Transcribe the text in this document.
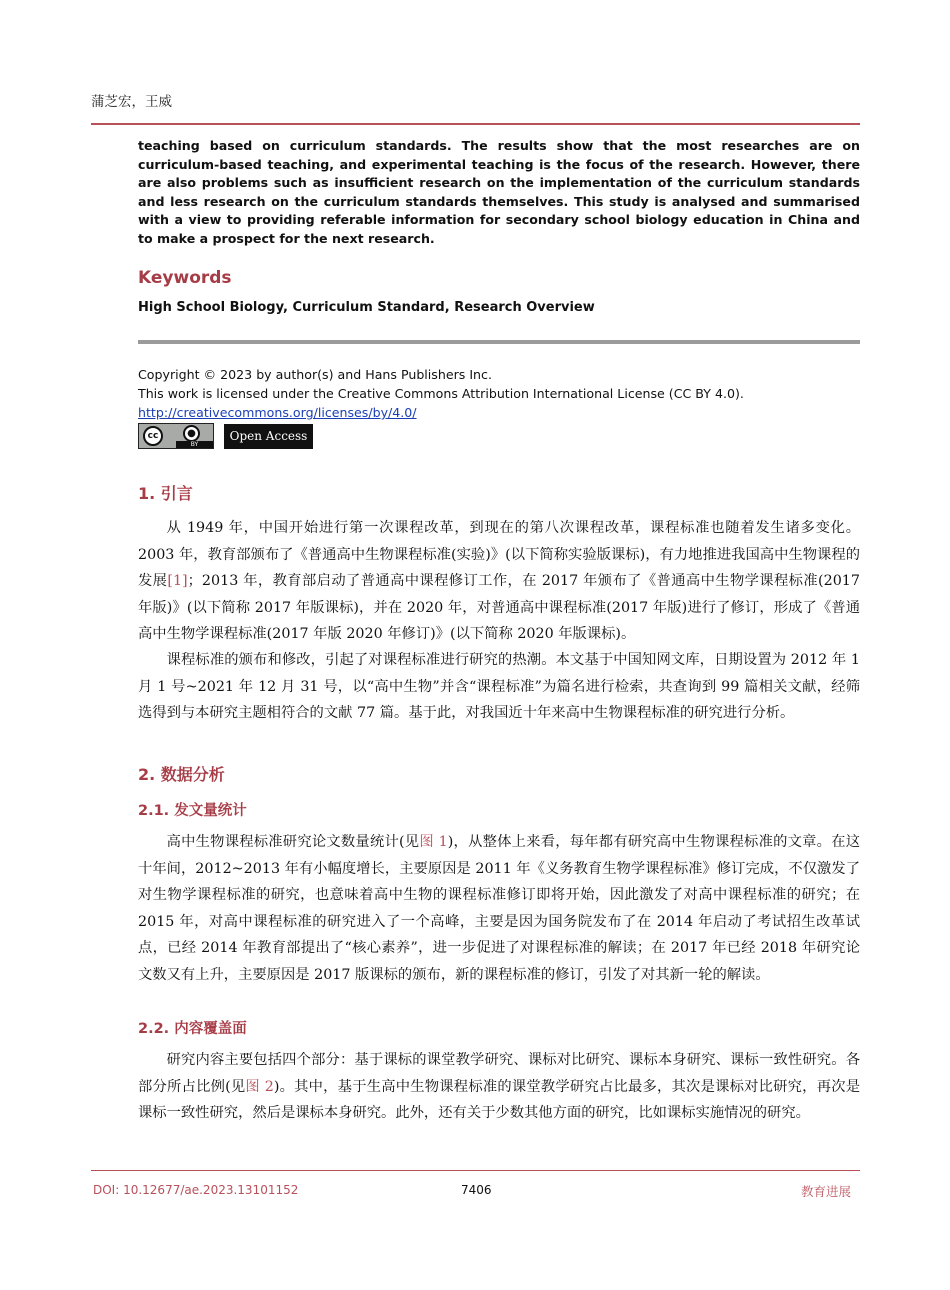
蒲芝宏，王威
teaching based on curriculum standards. The results show that the most researches are on curriculum-based teaching, and experimental teaching is the focus of the research. However, there are also problems such as insufficient research on the implementation of the curriculum standards and less research on the curriculum standards themselves. This study is analysed and summarised with a view to providing referable information for secondary school biology education in China and to make a prospect for the next research.
Keywords
High School Biology, Curriculum Standard, Research Overview
Copyright © 2023 by author(s) and Hans Publishers Inc.
This work is licensed under the Creative Commons Attribution International License (CC BY 4.0).
http://creativecommons.org/licenses/by/4.0/
cc	●
BY
Open Access
1. 引言
从 1949 年，中国开始进行第一次课程改革，到现在的第八次课程改革，课程标准也随着发生诸多变化。2003 年，教育部颁布了《普通高中生物课程标准(实验)》(以下简称实验版课标)，有力地推进我国高中生物课程的发展[1]；2013 年，教育部启动了普通高中课程修订工作，在 2017 年颁布了《普通高中生物学课程标准(2017 年版)》(以下简称 2017 年版课标)，并在 2020 年，对普通高中课程标准(2017 年版)进行了修订，形成了《普通高中生物学课程标准(2017 年版 2020 年修订)》(以下简称 2020 年版课标)。
课程标准的颁布和修改，引起了对课程标准进行研究的热潮。本文基于中国知网文库，日期设置为 2012 年 1 月 1 号~2021 年 12 月 31 号，以“高中生物”并含“课程标准”为篇名进行检索，共查询到 99 篇相关文献，经筛选得到与本研究主题相符合的文献 77 篇。基于此，对我国近十年来高中生物课程标准的研究进行分析。
2. 数据分析
2.1. 发文量统计
高中生物课程标准研究论文数量统计(见图 1)，从整体上来看，每年都有研究高中生物课程标准的文章。在这十年间，2012~2013 年有小幅度增长，主要原因是 2011 年《义务教育生物学课程标准》修订完成，不仅激发了对生物学课程标准的研究，也意味着高中生物的课程标准修订即将开始，因此激发了对高中课程标准的研究；在 2015 年，对高中课程标准的研究进入了一个高峰，主要是因为国务院发布了在 2014 年启动了考试招生改革试点，已经 2014 年教育部提出了“核心素养”，进一步促进了对课程标准的解读；在 2017 年已经 2018 年研究论文数又有上升，主要原因是 2017 版课标的颁布，新的课程标准的修订，引发了对其新一轮的解读。
2.2. 内容覆盖面
研究内容主要包括四个部分：基于课标的课堂教学研究、课标对比研究、课标本身研究、课标一致性研究。各部分所占比例(见图 2)。其中，基于生高中生物课程标准的课堂教学研究占比最多，其次是课标对比研究，再次是课标一致性研究，然后是课标本身研究。此外，还有关于少数其他方面的研究，比如课标实施情况的研究。
DOI: 10.12677/ae.2023.13101152	7406	教育进展
